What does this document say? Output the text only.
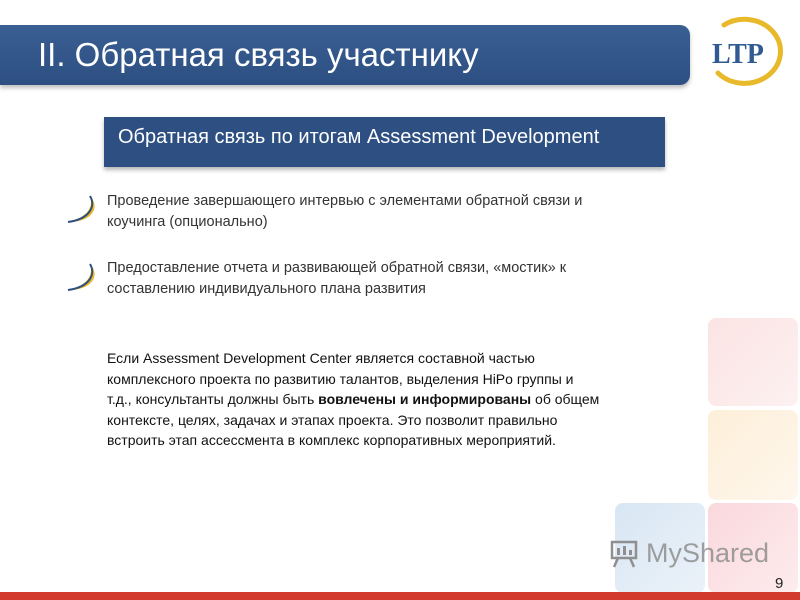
II. Обратная связь участнику	LTP
Обратная связь по итогам Assessment Development
Проведение завершающего интервью с элементами обратной связи и
коучинга (опционально)
Предоставление отчета и развивающей обратной связи, «мостик» к
составлению индивидуального плана развития
Если Assessment Development Center является составной частью
комплексного проекта по развитию талантов, выделения HiPo группы и
т.д., консультанты должны быть вовлечены и информированы об общем
контексте, целях, задачах и этапах проекта. Это позволит правильно
встроить этап ассессмента в комплекс корпоративных мероприятий.
MyShared
9
